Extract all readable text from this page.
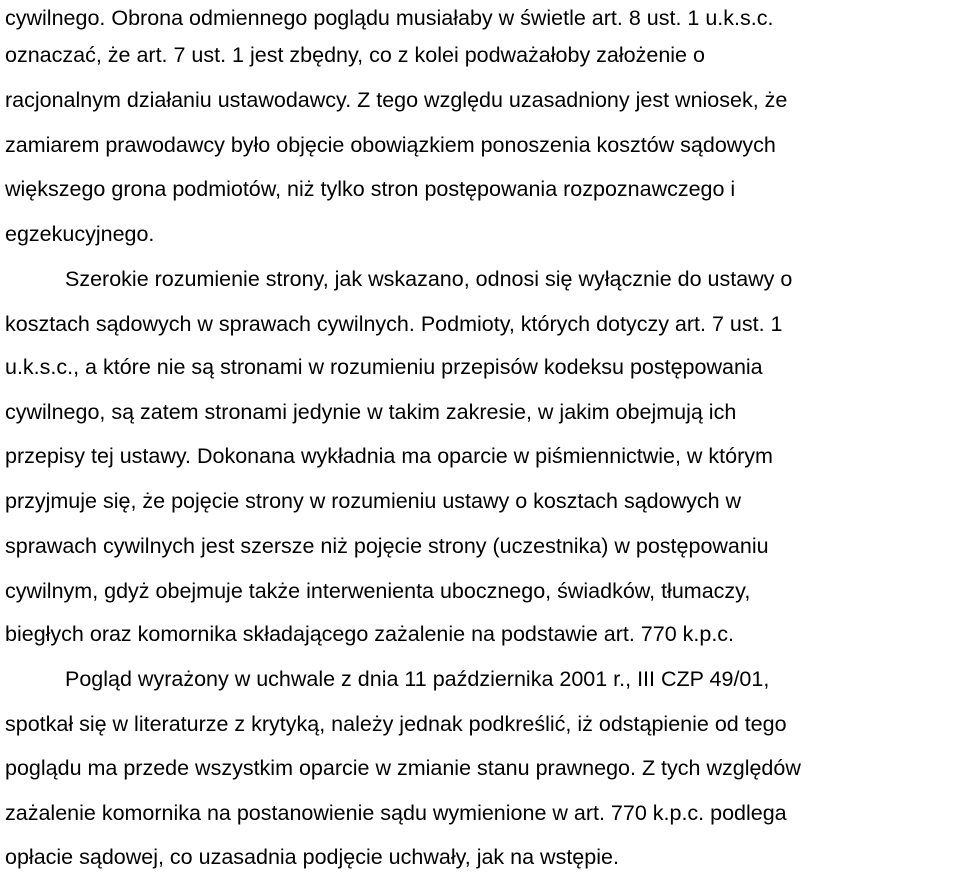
cywilnego. Obrona odmiennego poglądu musiałaby w świetle art. 8 ust. 1 u.k.s.c.
oznaczać, że art. 7 ust. 1 jest zbędny, co z kolei podważałoby założenie o
racjonalnym działaniu ustawodawcy. Z tego względu uzasadniony jest wniosek, że
zamiarem prawodawcy było objęcie obowiązkiem ponoszenia kosztów sądowych
większego grona podmiotów, niż tylko stron postępowania rozpoznawczego i
egzekucyjnego.
Szerokie rozumienie strony, jak wskazano, odnosi się wyłącznie do ustawy o
kosztach sądowych w sprawach cywilnych. Podmioty, których dotyczy art. 7 ust. 1
u.k.s.c., a które nie są stronami w rozumieniu przepisów kodeksu postępowania
cywilnego, są zatem stronami jedynie w takim zakresie, w jakim obejmują ich
przepisy tej ustawy. Dokonana wykładnia ma oparcie w piśmiennictwie, w którym
przyjmuje się, że pojęcie strony w rozumieniu ustawy o kosztach sądowych w
sprawach cywilnych jest szersze niż pojęcie strony (uczestnika) w postępowaniu
cywilnym, gdyż obejmuje także interwenienta ubocznego, świadków, tłumaczy,
biegłych oraz komornika składającego zażalenie na podstawie art. 770 k.p.c.
Pogląd wyrażony w uchwale z dnia 11 października 2001 r., III CZP 49/01,
spotkał się w literaturze z krytyką, należy jednak podkreślić, iż odstąpienie od tego
poglądu ma przede wszystkim oparcie w zmianie stanu prawnego. Z tych względów
zażalenie komornika na postanowienie sądu wymienione w art. 770 k.p.c. podlega
opłacie sądowej, co uzasadnia podjęcie uchwały, jak na wstępie.
